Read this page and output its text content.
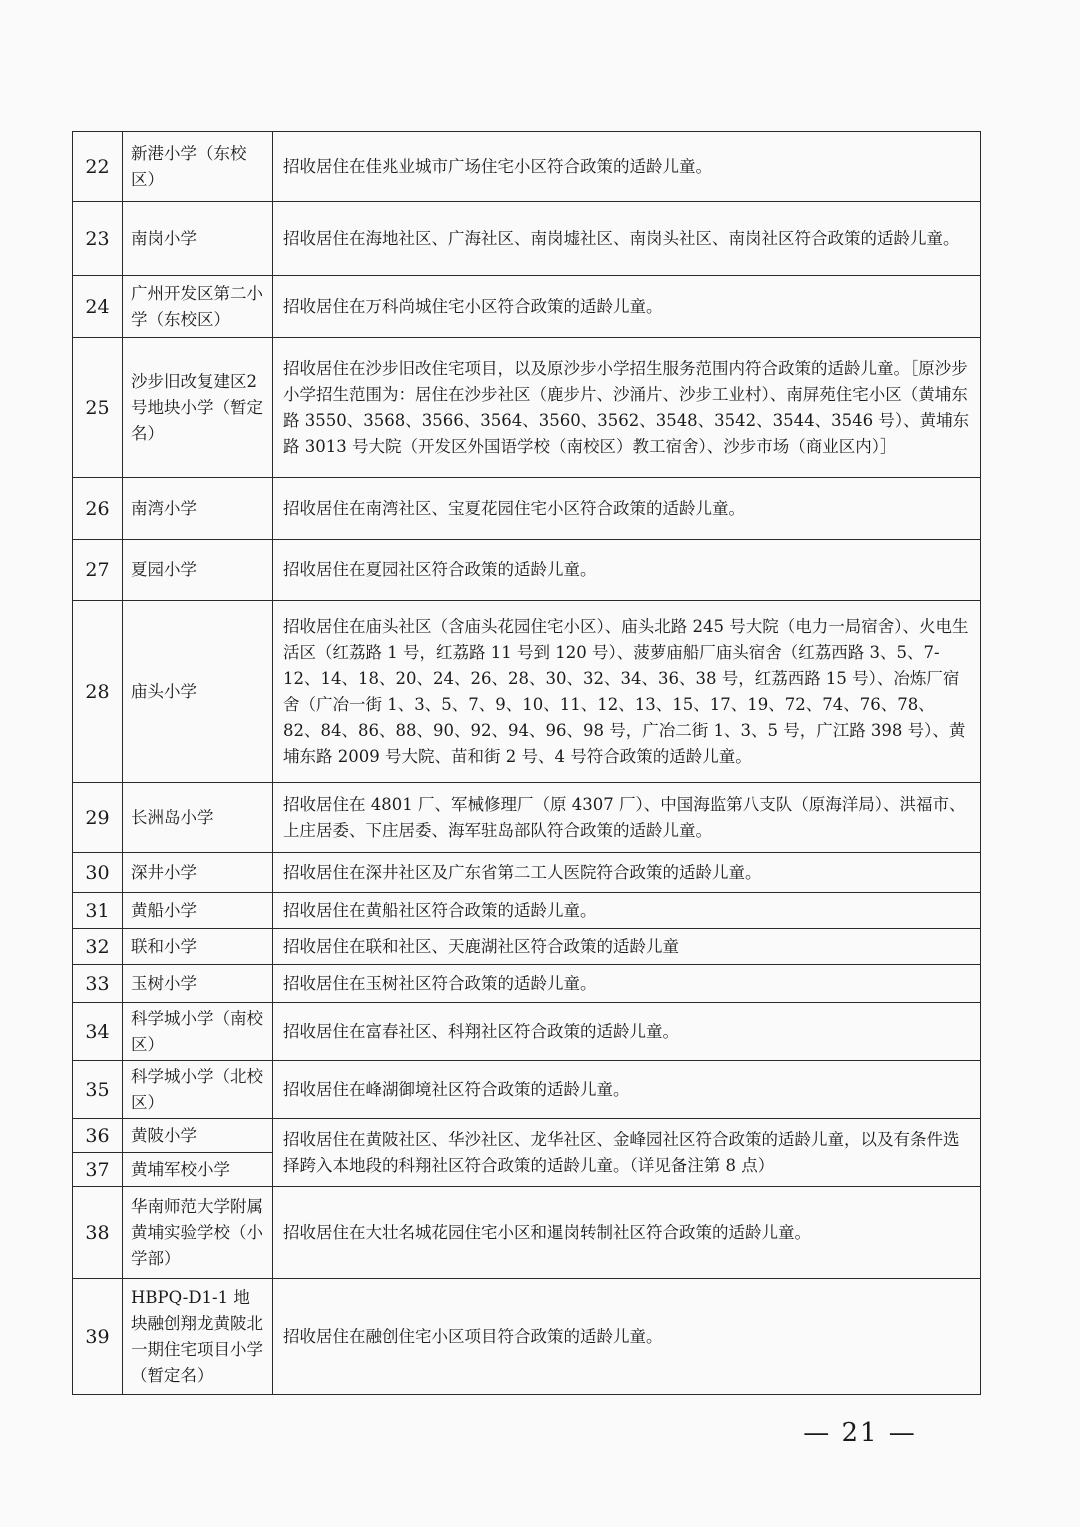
22	新港小学（东校区）	招收居住在佳兆业城市广场住宅小区符合政策的适龄儿童。
23	南岗小学	招收居住在海地社区、广海社区、南岗墟社区、南岗头社区、南岗社区符合政策的适龄儿童。
24	广州开发区第二小学（东校区）	招收居住在万科尚城住宅小区符合政策的适龄儿童。
25	沙步旧改复建区2号地块小学（暂定名）	招收居住在沙步旧改住宅项目，以及原沙步小学招生服务范围内符合政策的适龄儿童。［原沙步小学招生范围为：居住在沙步社区（鹿步片、沙涌片、沙步工业村）、南屏苑住宅小区（黄埔东路 3550、3568、3566、3564、3560、3562、3548、3542、3544、3546 号）、黄埔东路 3013 号大院（开发区外国语学校（南校区）教工宿舍）、沙步市场（商业区内）］
26	南湾小学	招收居住在南湾社区、宝夏花园住宅小区符合政策的适龄儿童。
27	夏园小学	招收居住在夏园社区符合政策的适龄儿童。
28	庙头小学	招收居住在庙头社区（含庙头花园住宅小区）、庙头北路 245 号大院（电力一局宿舍）、火电生活区（红荔路 1 号，红荔路 11 号到 120 号）、菠萝庙船厂庙头宿舍（红荔西路 3、5、7-12、14、18、20、24、26、28、30、32、34、36、38 号，红荔西路 15 号）、冶炼厂宿舍（广冶一街 1、3、5、7、9、10、11、12、13、15、17、19、72、74、76、78、82、84、86、88、90、92、94、96、98 号，广冶二街 1、3、5 号，广江路 398 号）、黄埔东路 2009 号大院、苗和街 2 号、4 号符合政策的适龄儿童。
29	长洲岛小学	招收居住在 4801 厂、军械修理厂（原 4307 厂）、中国海监第八支队（原海洋局）、洪福市、上庄居委、下庄居委、海军驻岛部队符合政策的适龄儿童。
30	深井小学	招收居住在深井社区及广东省第二工人医院符合政策的适龄儿童。
31	黄船小学	招收居住在黄船社区符合政策的适龄儿童。
32	联和小学	招收居住在联和社区、天鹿湖社区符合政策的适龄儿童
33	玉树小学	招收居住在玉树社区符合政策的适龄儿童。
34	科学城小学（南校区）	招收居住在富春社区、科翔社区符合政策的适龄儿童。
35	科学城小学（北校区）	招收居住在峰湖御境社区符合政策的适龄儿童。
36	黄陂小学	招收居住在黄陂社区、华沙社区、龙华社区、金峰园社区符合政策的适龄儿童，以及有条件选择跨入本地段的科翔社区符合政策的适龄儿童。（详见备注第 8 点）
37	黄埔军校小学	
38	华南师范大学附属黄埔实验学校（小学部）	招收居住在大壮名城花园住宅小区和暹岗转制社区符合政策的适龄儿童。
39	HBPQ-D1-1 地块融创翔龙黄陂北一期住宅项目小学（暂定名）	招收居住在融创住宅小区项目符合政策的适龄儿童。
— 21 —
